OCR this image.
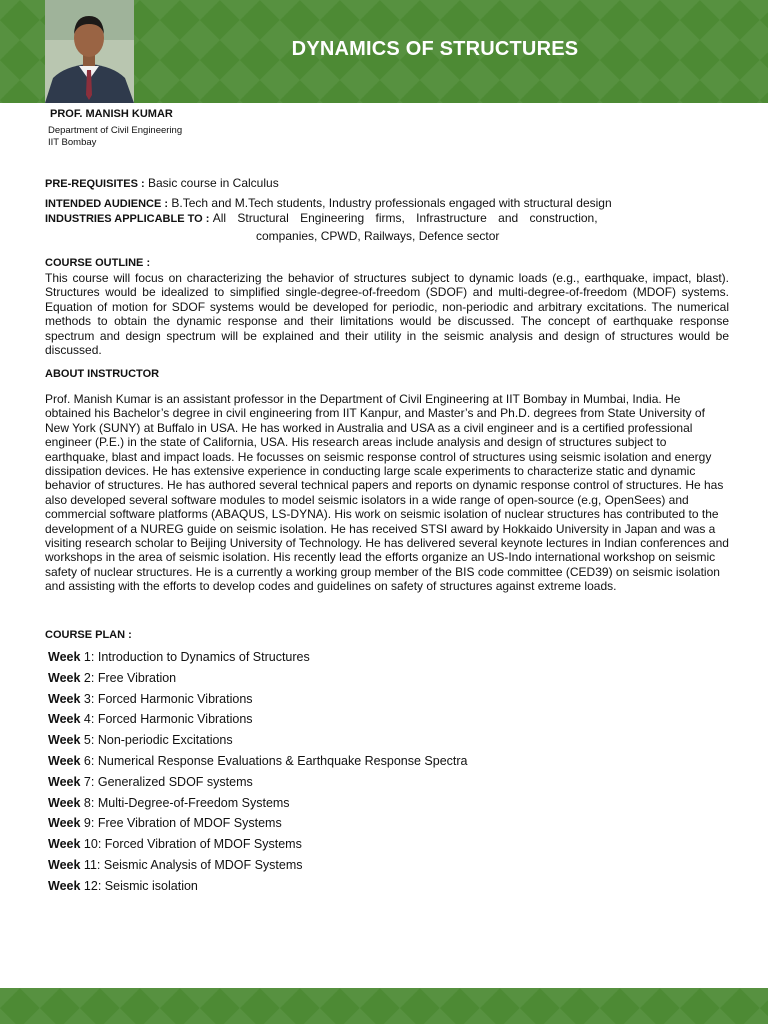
DYNAMICS OF STRUCTURES
PROF. MANISH KUMAR
Department of Civil Engineering
IIT Bombay
PRE-REQUISITES : Basic course in Calculus
INTENDED AUDIENCE : B.Tech and M.Tech students, Industry professionals engaged with structural design
INDUSTRIES APPLICABLE TO : All Structural Engineering firms, Infrastructure and construction,
companies, CPWD, Railways, Defence sector
COURSE OUTLINE :
This course will focus on characterizing the behavior of structures subject to dynamic loads (e.g., earthquake, impact, blast). Structures would be idealized to simplified single-degree-of-freedom (SDOF) and multi-degree-of-freedom (MDOF) systems. Equation of motion for SDOF systems would be developed for periodic, non-periodic and arbitrary excitations. The numerical methods to obtain the dynamic response and their limitations would be discussed. The concept of earthquake response spectrum and design spectrum will be explained and their utility in the seismic analysis and design of structures would be discussed.
ABOUT INSTRUCTOR
Prof. Manish Kumar is an assistant professor in the Department of Civil Engineering at IIT Bombay in Mumbai, India. He obtained his Bachelor’s degree in civil engineering from IIT Kanpur, and Master’s and Ph.D. degrees from State University of New York (SUNY) at Buffalo in USA. He has worked in Australia and USA as a civil engineer and is a certified professional engineer (P.E.) in the state of California, USA. His research areas include analysis and design of structures subject to earthquake, blast and impact loads. He focusses on seismic response control of structures using seismic isolation and energy dissipation devices. He has extensive experience in conducting large scale experiments to characterize static and dynamic behavior of structures. He has authored several technical papers and reports on dynamic response control of structures. He has also developed several software modules to model seismic isolators in a wide range of open-source (e.g, OpenSees) and commercial software platforms (ABAQUS, LS-DYNA). His work on seismic isolation of nuclear structures has contributed to the development of a NUREG guide on seismic isolation. He has received STSI award by Hokkaido University in Japan and was a visiting research scholar to Beijing University of Technology. He has delivered several keynote lectures in Indian conferences and workshops in the area of seismic isolation. His recently lead the efforts organize an US-Indo international workshop on seismic safety of nuclear structures. He is a currently a working group member of the BIS code committee (CED39) on seismic isolation and assisting with the efforts to develop codes and guidelines on safety of structures against extreme loads.
COURSE PLAN :
Week 1: Introduction to Dynamics of Structures
Week 2: Free Vibration
Week 3: Forced Harmonic Vibrations
Week 4: Forced Harmonic Vibrations
Week 5: Non-periodic Excitations
Week 6: Numerical Response Evaluations & Earthquake Response Spectra
Week 7: Generalized SDOF systems
Week 8: Multi-Degree-of-Freedom Systems
Week 9: Free Vibration of MDOF Systems
Week 10: Forced Vibration of MDOF Systems
Week 11: Seismic Analysis of MDOF Systems
Week 12: Seismic isolation
